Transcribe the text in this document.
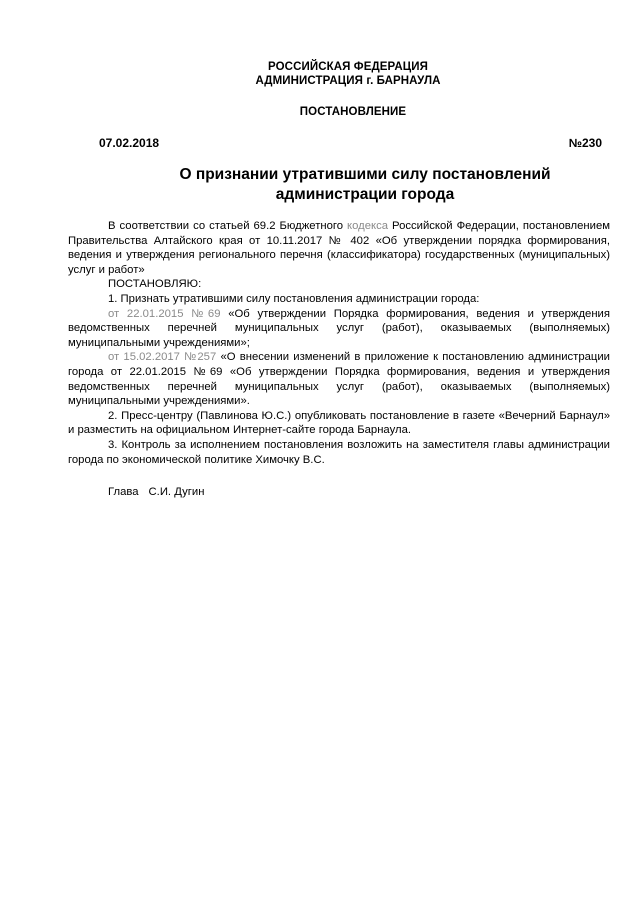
РОССИЙСКАЯ ФЕДЕРАЦИЯ
АДМИНИСТРАЦИЯ г. БАРНАУЛА
ПОСТАНОВЛЕНИЕ
07.02.2018	№230
О признании утратившими силу постановлений
администрации города

В соответствии со статьей 69.2 Бюджетного кодекса Российской Федерации, постановлением Правительства Алтайского края от 10.11.2017 № 402 «Об утверждении порядка формирования, ведения и утверждения регионального перечня (классификатора) государственных (муниципальных) услуг и работ»

ПОСТАНОВЛЯЮ:

1. Признать утратившими силу постановления администрации города:

от 22.01.2015 №69 «Об утверждении Порядка формирования, ведения и утверждения ведомственных перечней муниципальных услуг (работ), оказываемых (выполняемых) муниципальными учреждениями»;

от 15.02.2017 №257 «О внесении изменений в приложение к постановлению администрации города от 22.01.2015 №69 «Об утверждении Порядка формирования, ведения и утверждения ведомственных перечней муниципальных услуг (работ), оказываемых (выполняемых) муниципальными учреждениями».

2. Пресс-центру (Павлинова Ю.С.) опубликовать постановление в газете «Вечерний Барнаул» и разместить на официальном Интернет-сайте города Барнаула.

3. Контроль за исполнением постановления возложить на заместителя главы администрации города по экономической политике Химочку В.С.

Глава С.И. Дугин
